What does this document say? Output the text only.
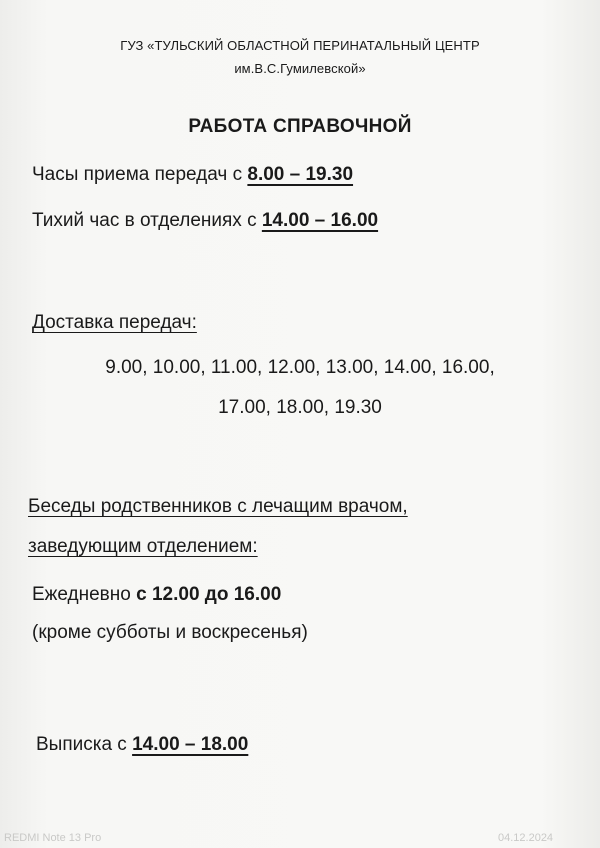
ГУЗ «ТУЛЬСКИЙ ОБЛАСТНОЙ ПЕРИНАТАЛЬНЫЙ ЦЕНТР
им.В.С.Гумилевской»
РАБОТА СПРАВОЧНОЙ
Часы приема передач с 8.00 – 19.30
Тихий час в отделениях с 14.00 – 16.00
Доставка передач:
9.00, 10.00, 11.00, 12.00, 13.00, 14.00, 16.00,
17.00, 18.00, 19.30
Беседы родственников с лечащим врачом,
заведующим отделением:
Ежедневно с 12.00 до 16.00
(кроме субботы и воскресенья)
Выписка с 14.00 – 18.00
REDMI Note 13 Pro	04.12.2024
